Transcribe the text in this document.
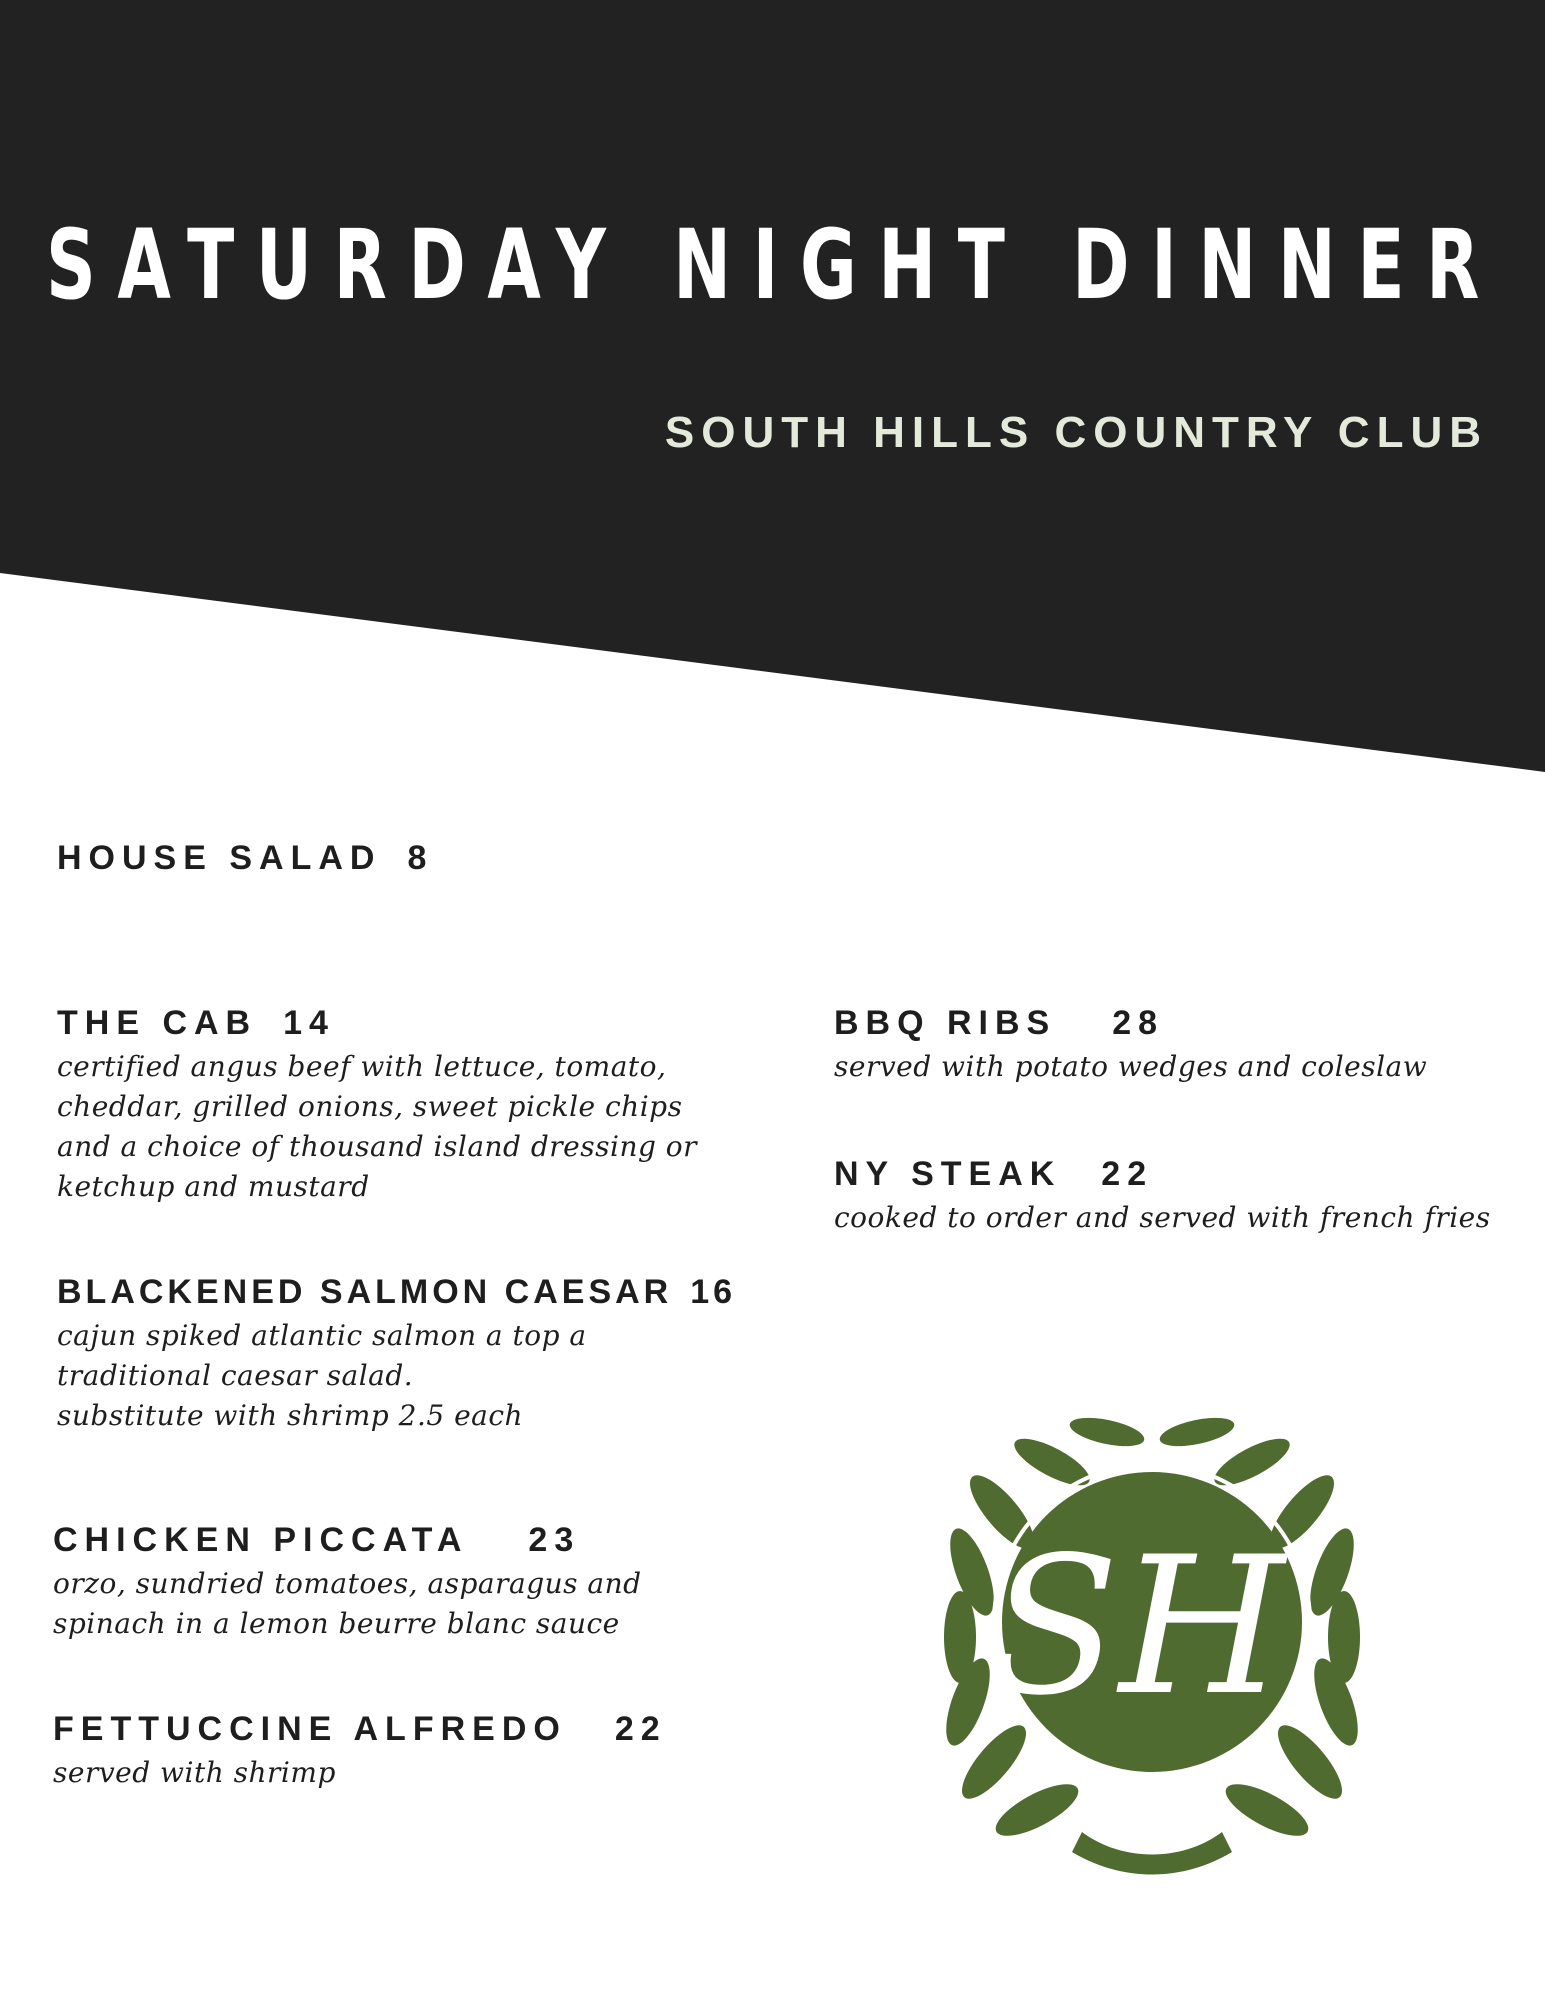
SATURDAY NIGHT DINNER
SOUTH HILLS COUNTRY CLUB
HOUSE SALAD 8
THE CAB 14
certified angus beef with lettuce, tomato,
cheddar, grilled onions, sweet pickle chips
and a choice of thousand island dressing or
ketchup and mustard
BLACKENED SALMON CAESAR 16
cajun spiked atlantic salmon a top a
traditional caesar salad.
substitute with shrimp 2.5 each
CHICKEN PICCATA 23
orzo, sundried tomatoes, asparagus and
spinach in a lemon beurre blanc sauce
FETTUCCINE ALFREDO 22
served with shrimp
BBQ RIBS 28
served with potato wedges and coleslaw
NY STEAK 22
cooked to order and served with french fries
SH
